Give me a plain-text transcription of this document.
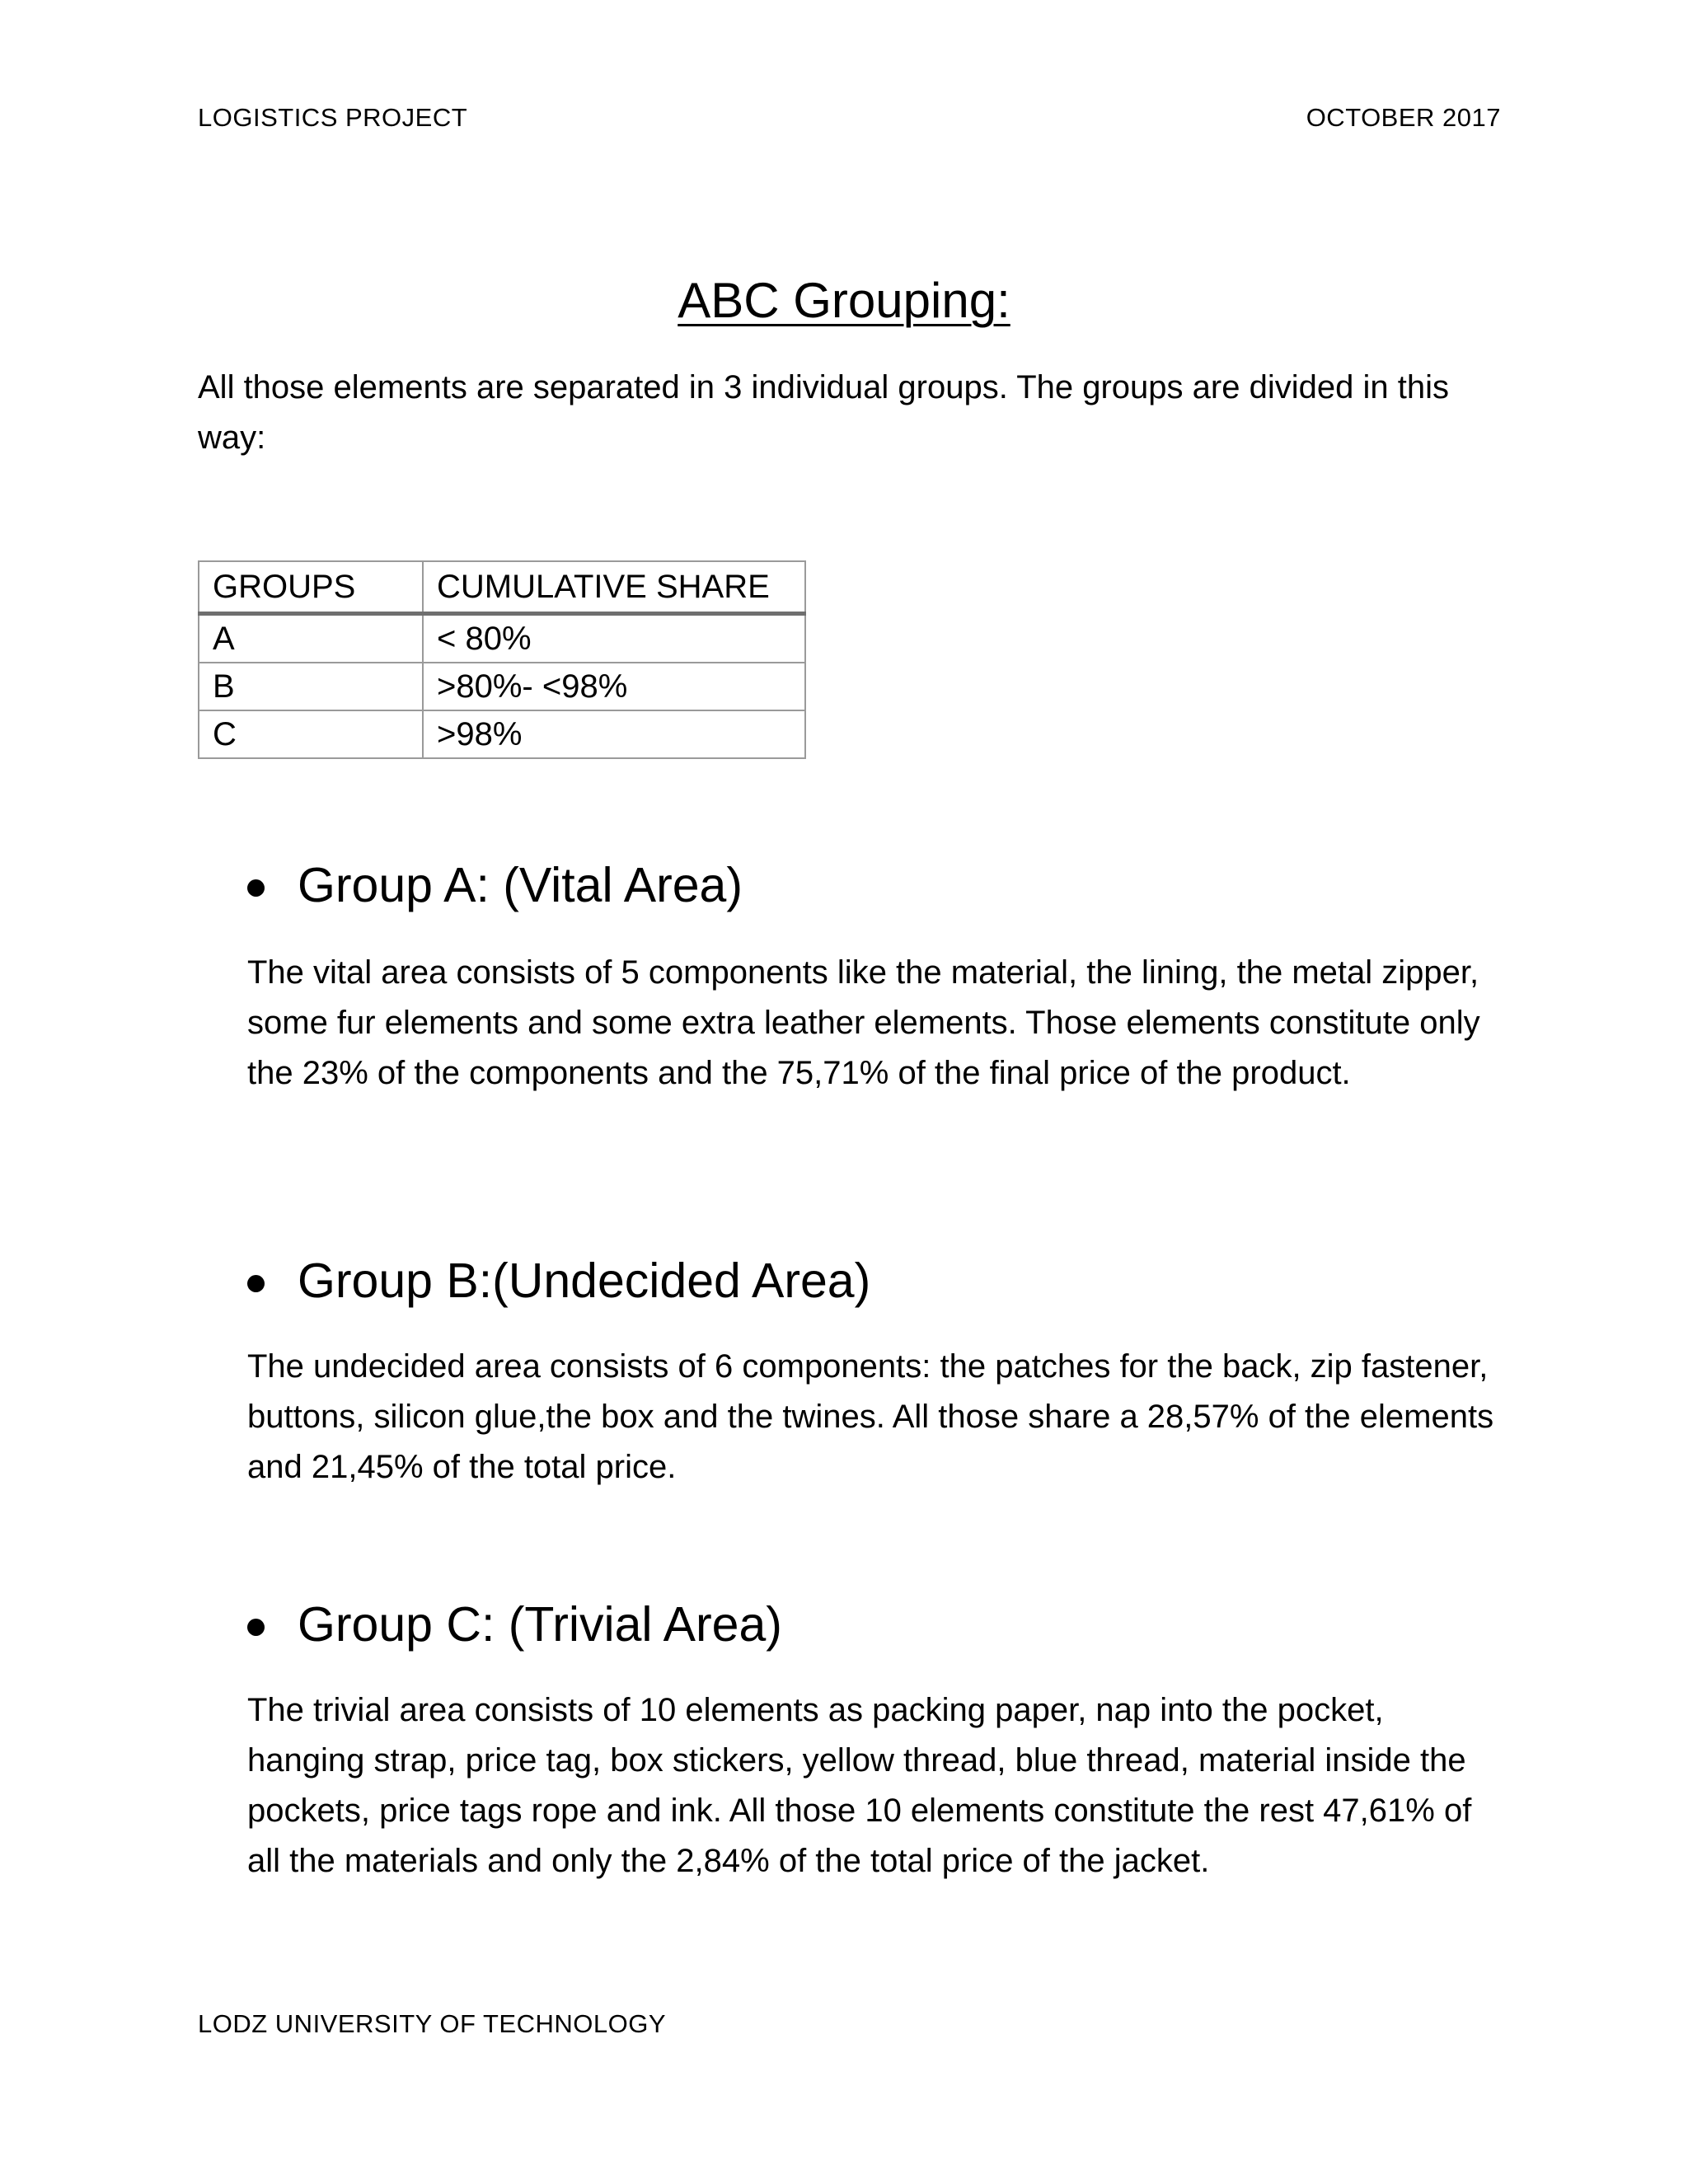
LOGISTICS PROJECT	OCTOBER 2017
ABC Grouping:

All those elements are separated in 3 individual groups. The groups are divided in this way:

GROUPS	CUMULATIVE SHARE
A	< 80%
B	>80%- <98%
C	>98%
Group A: (Vital Area)

The vital area consists of 5 components like the material, the lining, the metal zipper, some fur elements and some extra leather elements. Those elements constitute only the 23% of the components and the 75,71% of the final price of the product.

Group B:(Undecided Area)

The undecided area consists of 6 components: the patches for the back, zip fastener, buttons, silicon glue,the box and the twines. All those share a 28,57% of the elements and 21,45% of the total price.

Group C: (Trivial Area)

The trivial area consists of 10 elements as packing paper, nap into the pocket, hanging strap, price tag, box stickers, yellow thread, blue thread, material inside the pockets, price tags rope and ink. All those 10 elements constitute the rest 47,61% of all the materials and only the 2,84% of the total price of the jacket.

LODZ UNIVERSITY OF TECHNOLOGY
